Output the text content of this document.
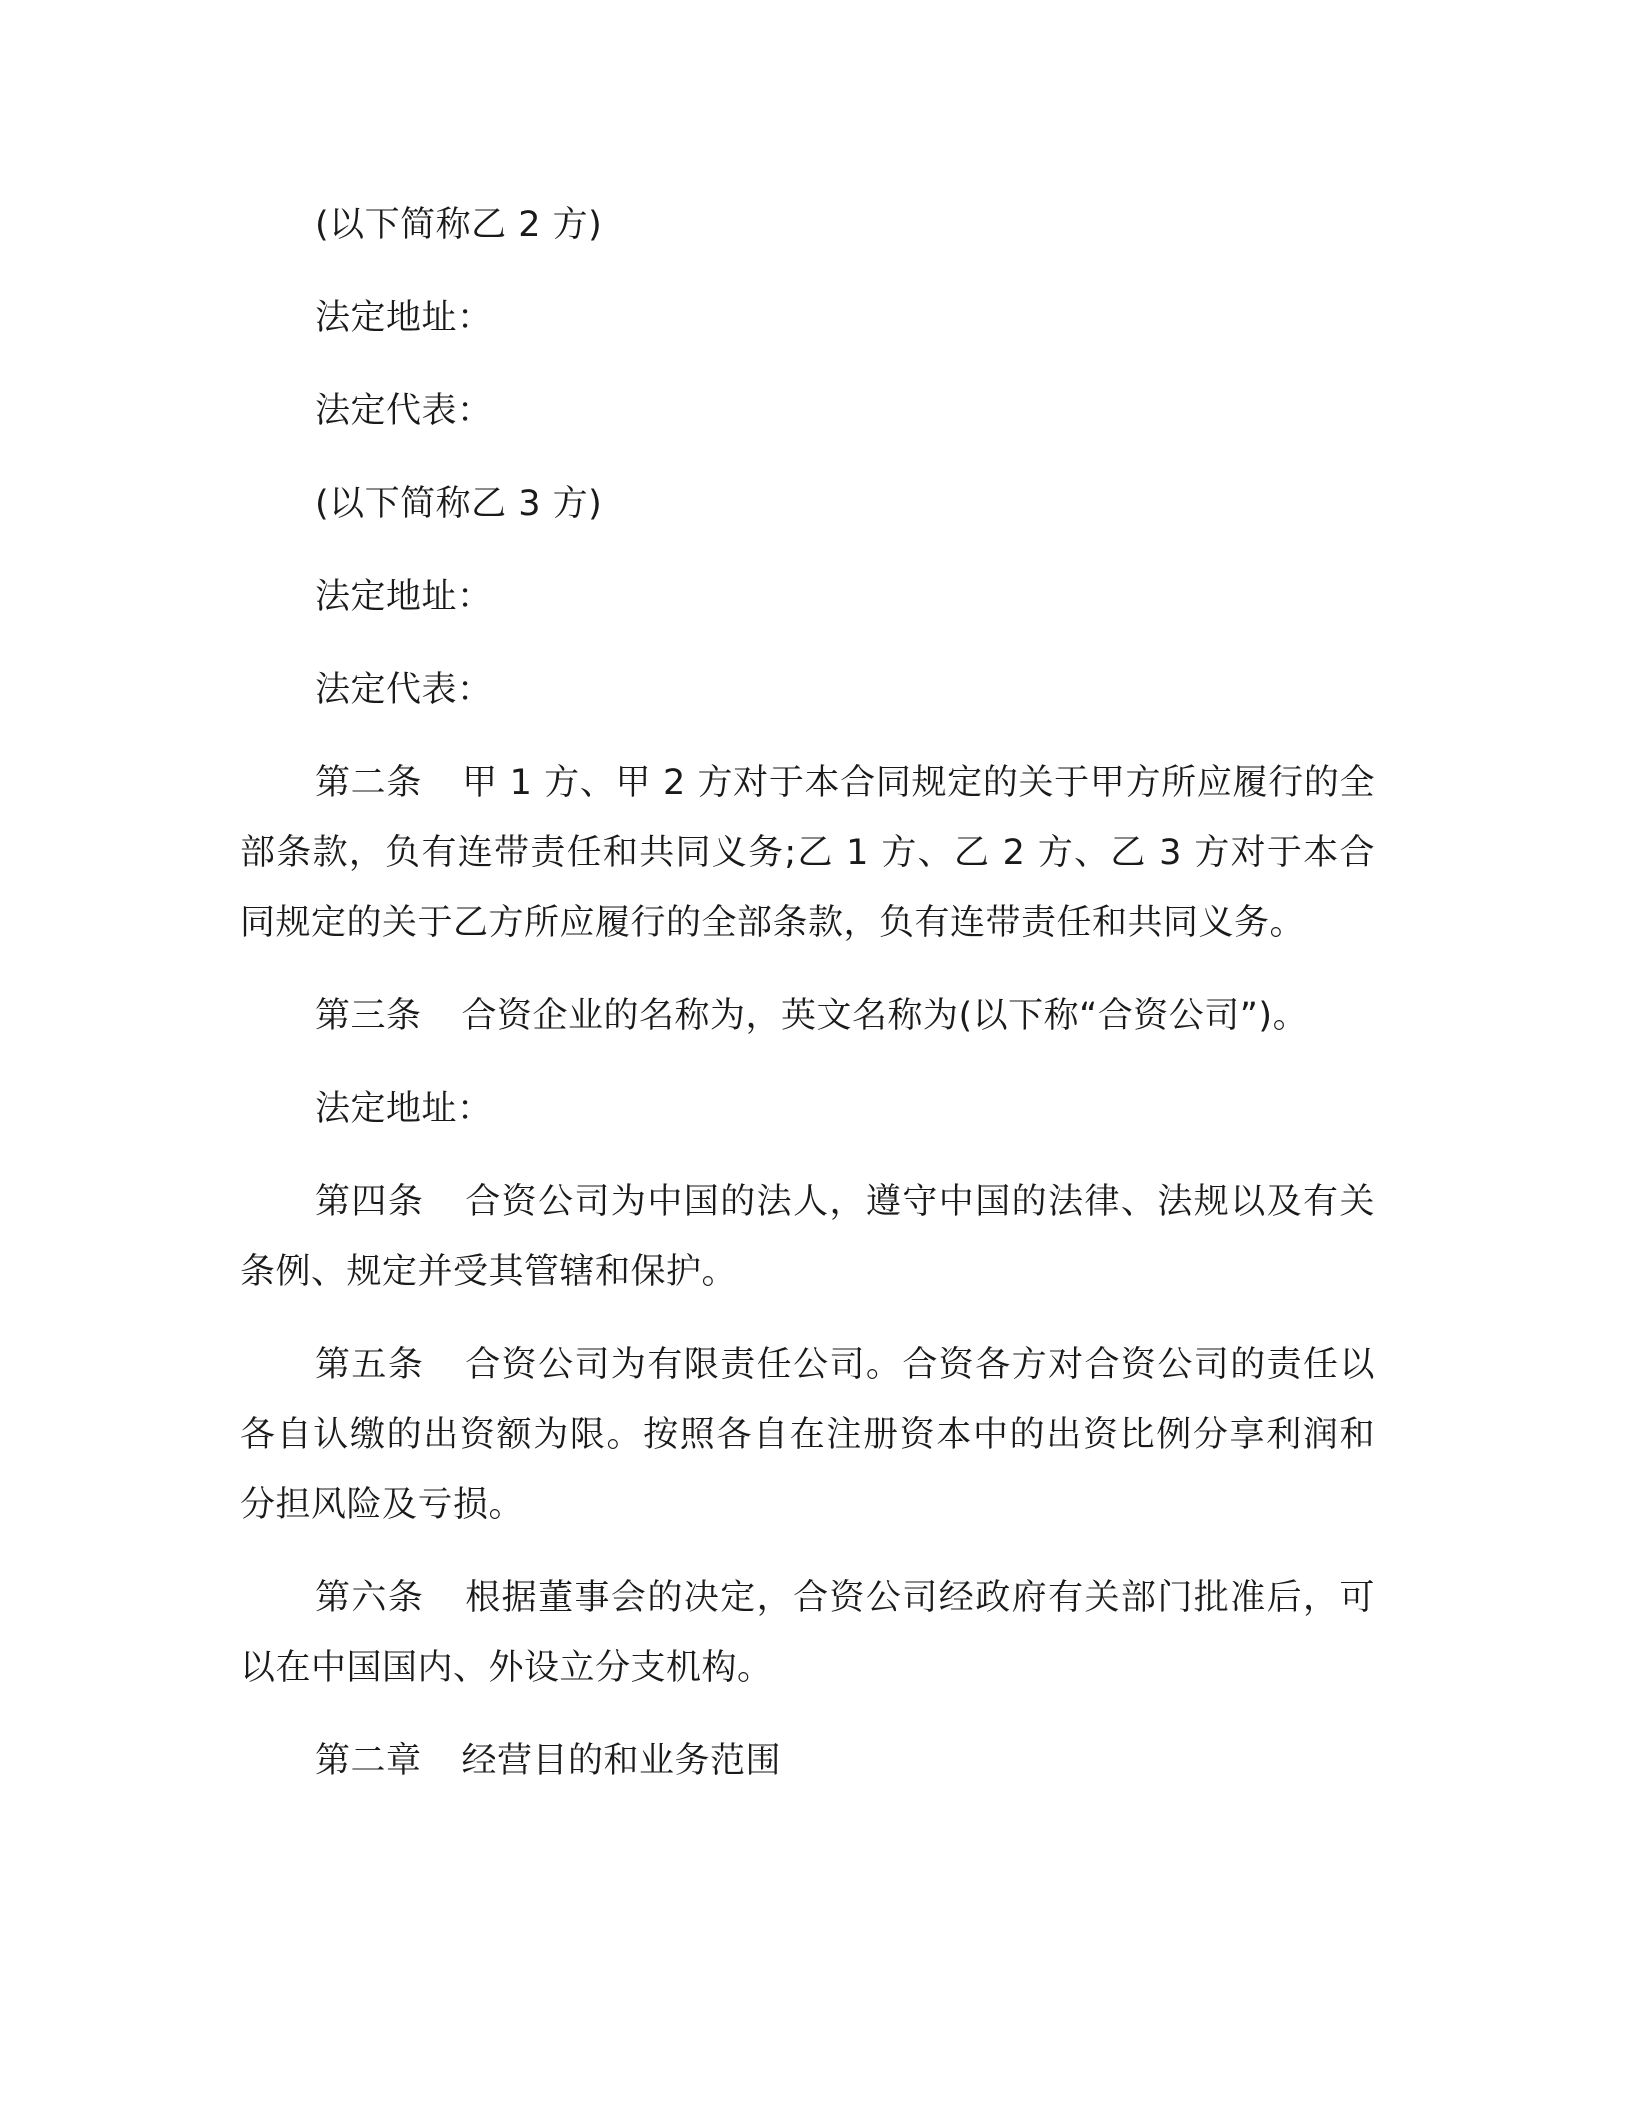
(以下简称乙 2 方)

法定地址：

法定代表：

(以下简称乙 3 方)

法定地址：

法定代表：

第二条 甲 1 方、甲 2 方对于本合同规定的关于甲方所应履行的全部条款，负有连带责任和共同义务;乙 1 方、乙 2 方、乙 3 方对于本合同规定的关于乙方所应履行的全部条款，负有连带责任和共同义务。

第三条 合资企业的名称为，英文名称为(以下称“合资公司”)。

法定地址：

第四条 合资公司为中国的法人，遵守中国的法律、法规以及有关条例、规定并受其管辖和保护。

第五条 合资公司为有限责任公司。合资各方对合资公司的责任以各自认缴的出资额为限。按照各自在注册资本中的出资比例分享利润和分担风险及亏损。

第六条 根据董事会的决定，合资公司经政府有关部门批准后，可以在中国国内、外设立分支机构。

第二章 经营目的和业务范围
